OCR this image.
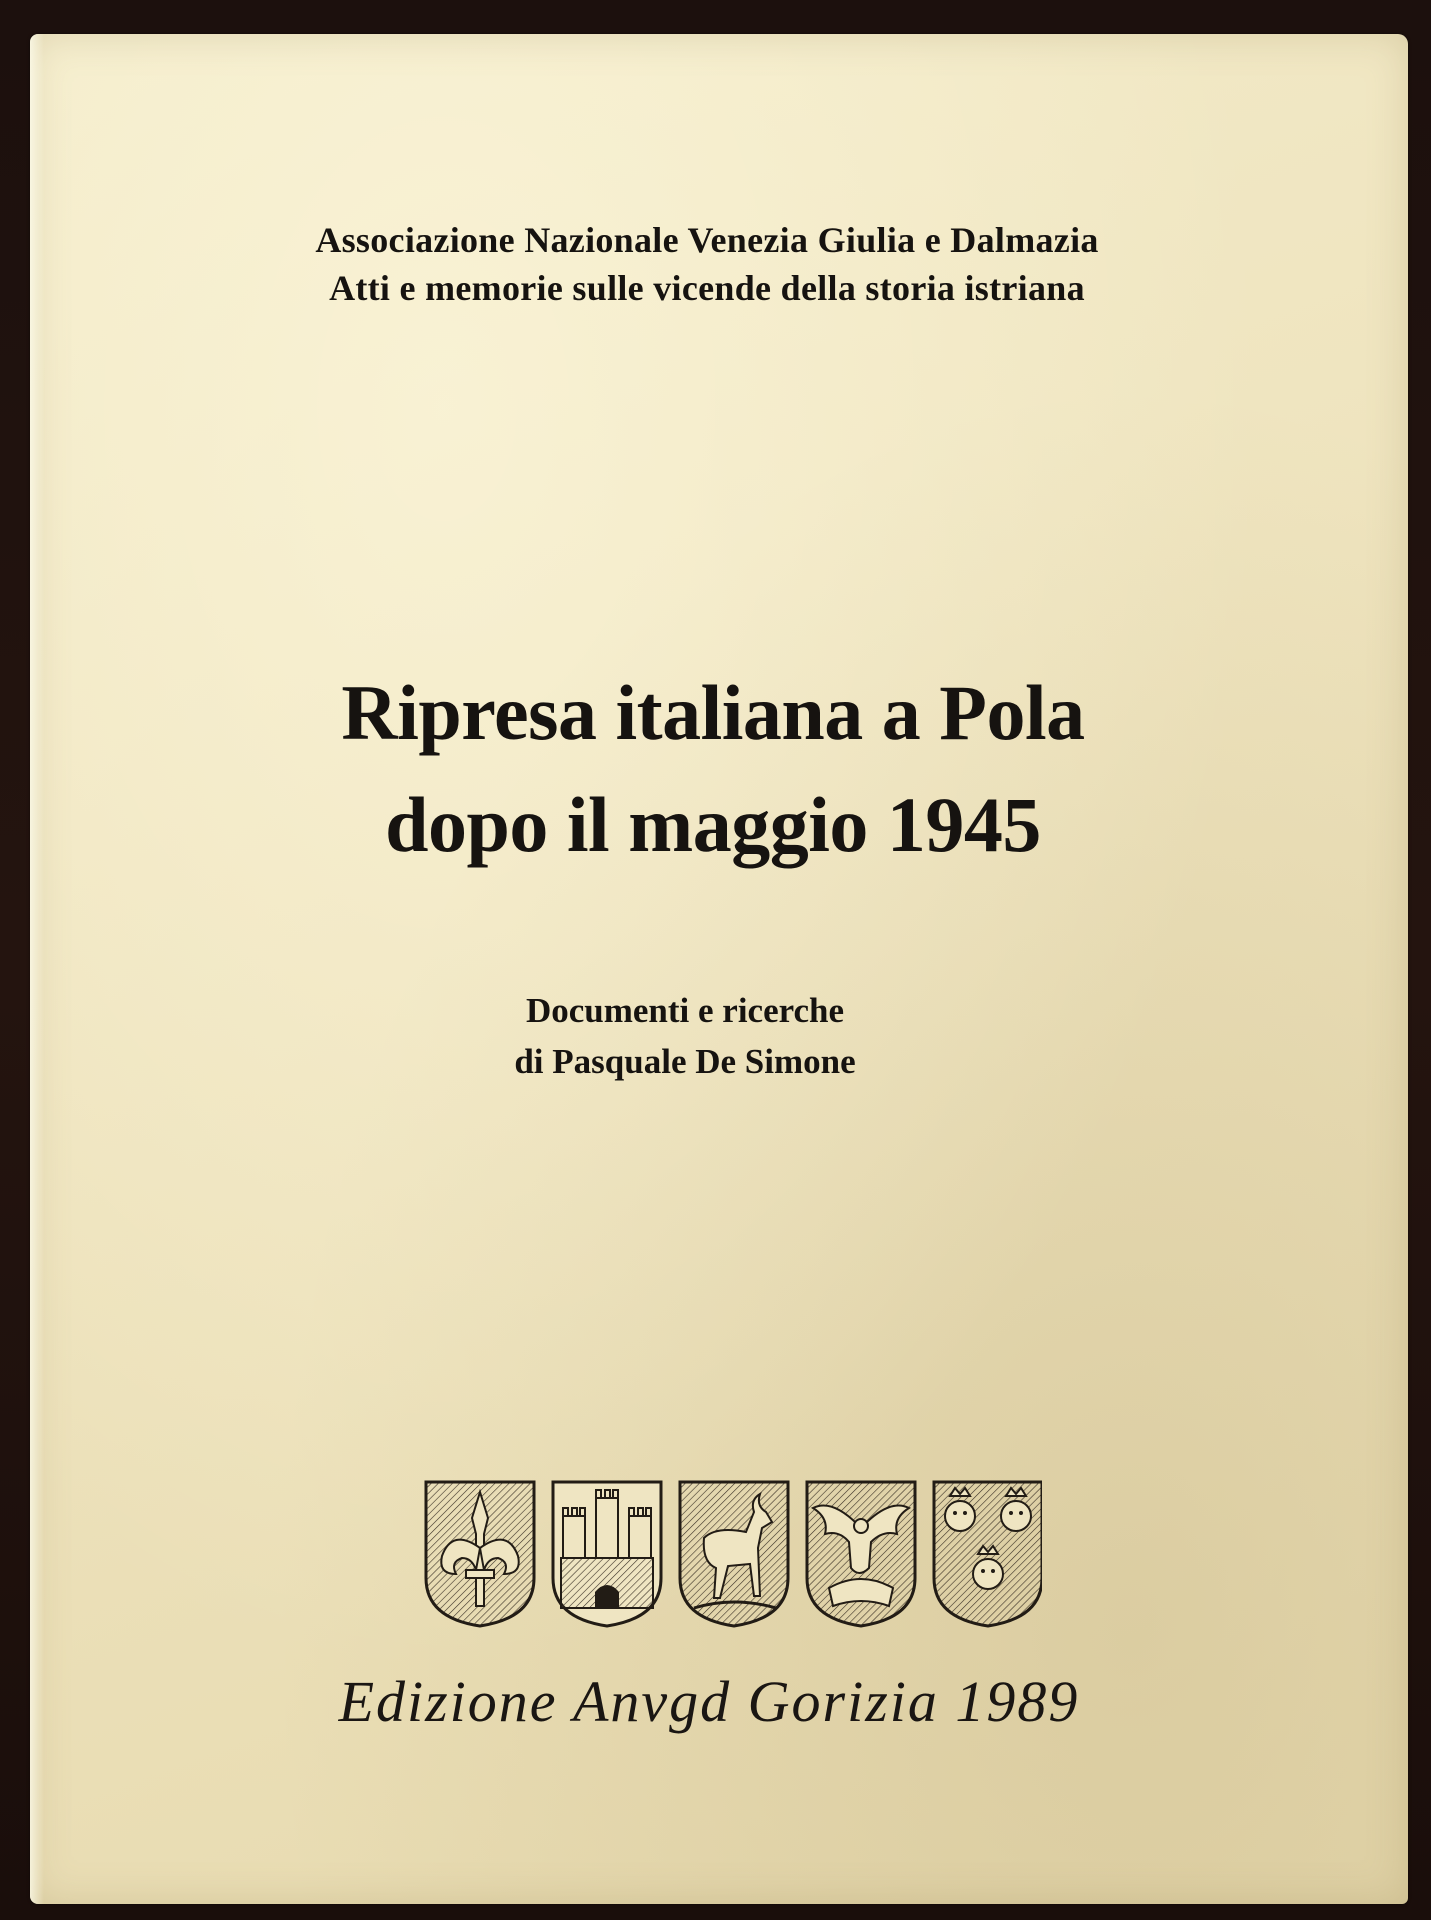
Associazione Nazionale Venezia Giulia e Dalmazia

Atti e memorie sulle vicende della storia istriana

Ripresa italiana a Pola

dopo il maggio 1945

Documenti e ricerche

di Pasquale De Simone

Edizione Anvgd Gorizia 1989
